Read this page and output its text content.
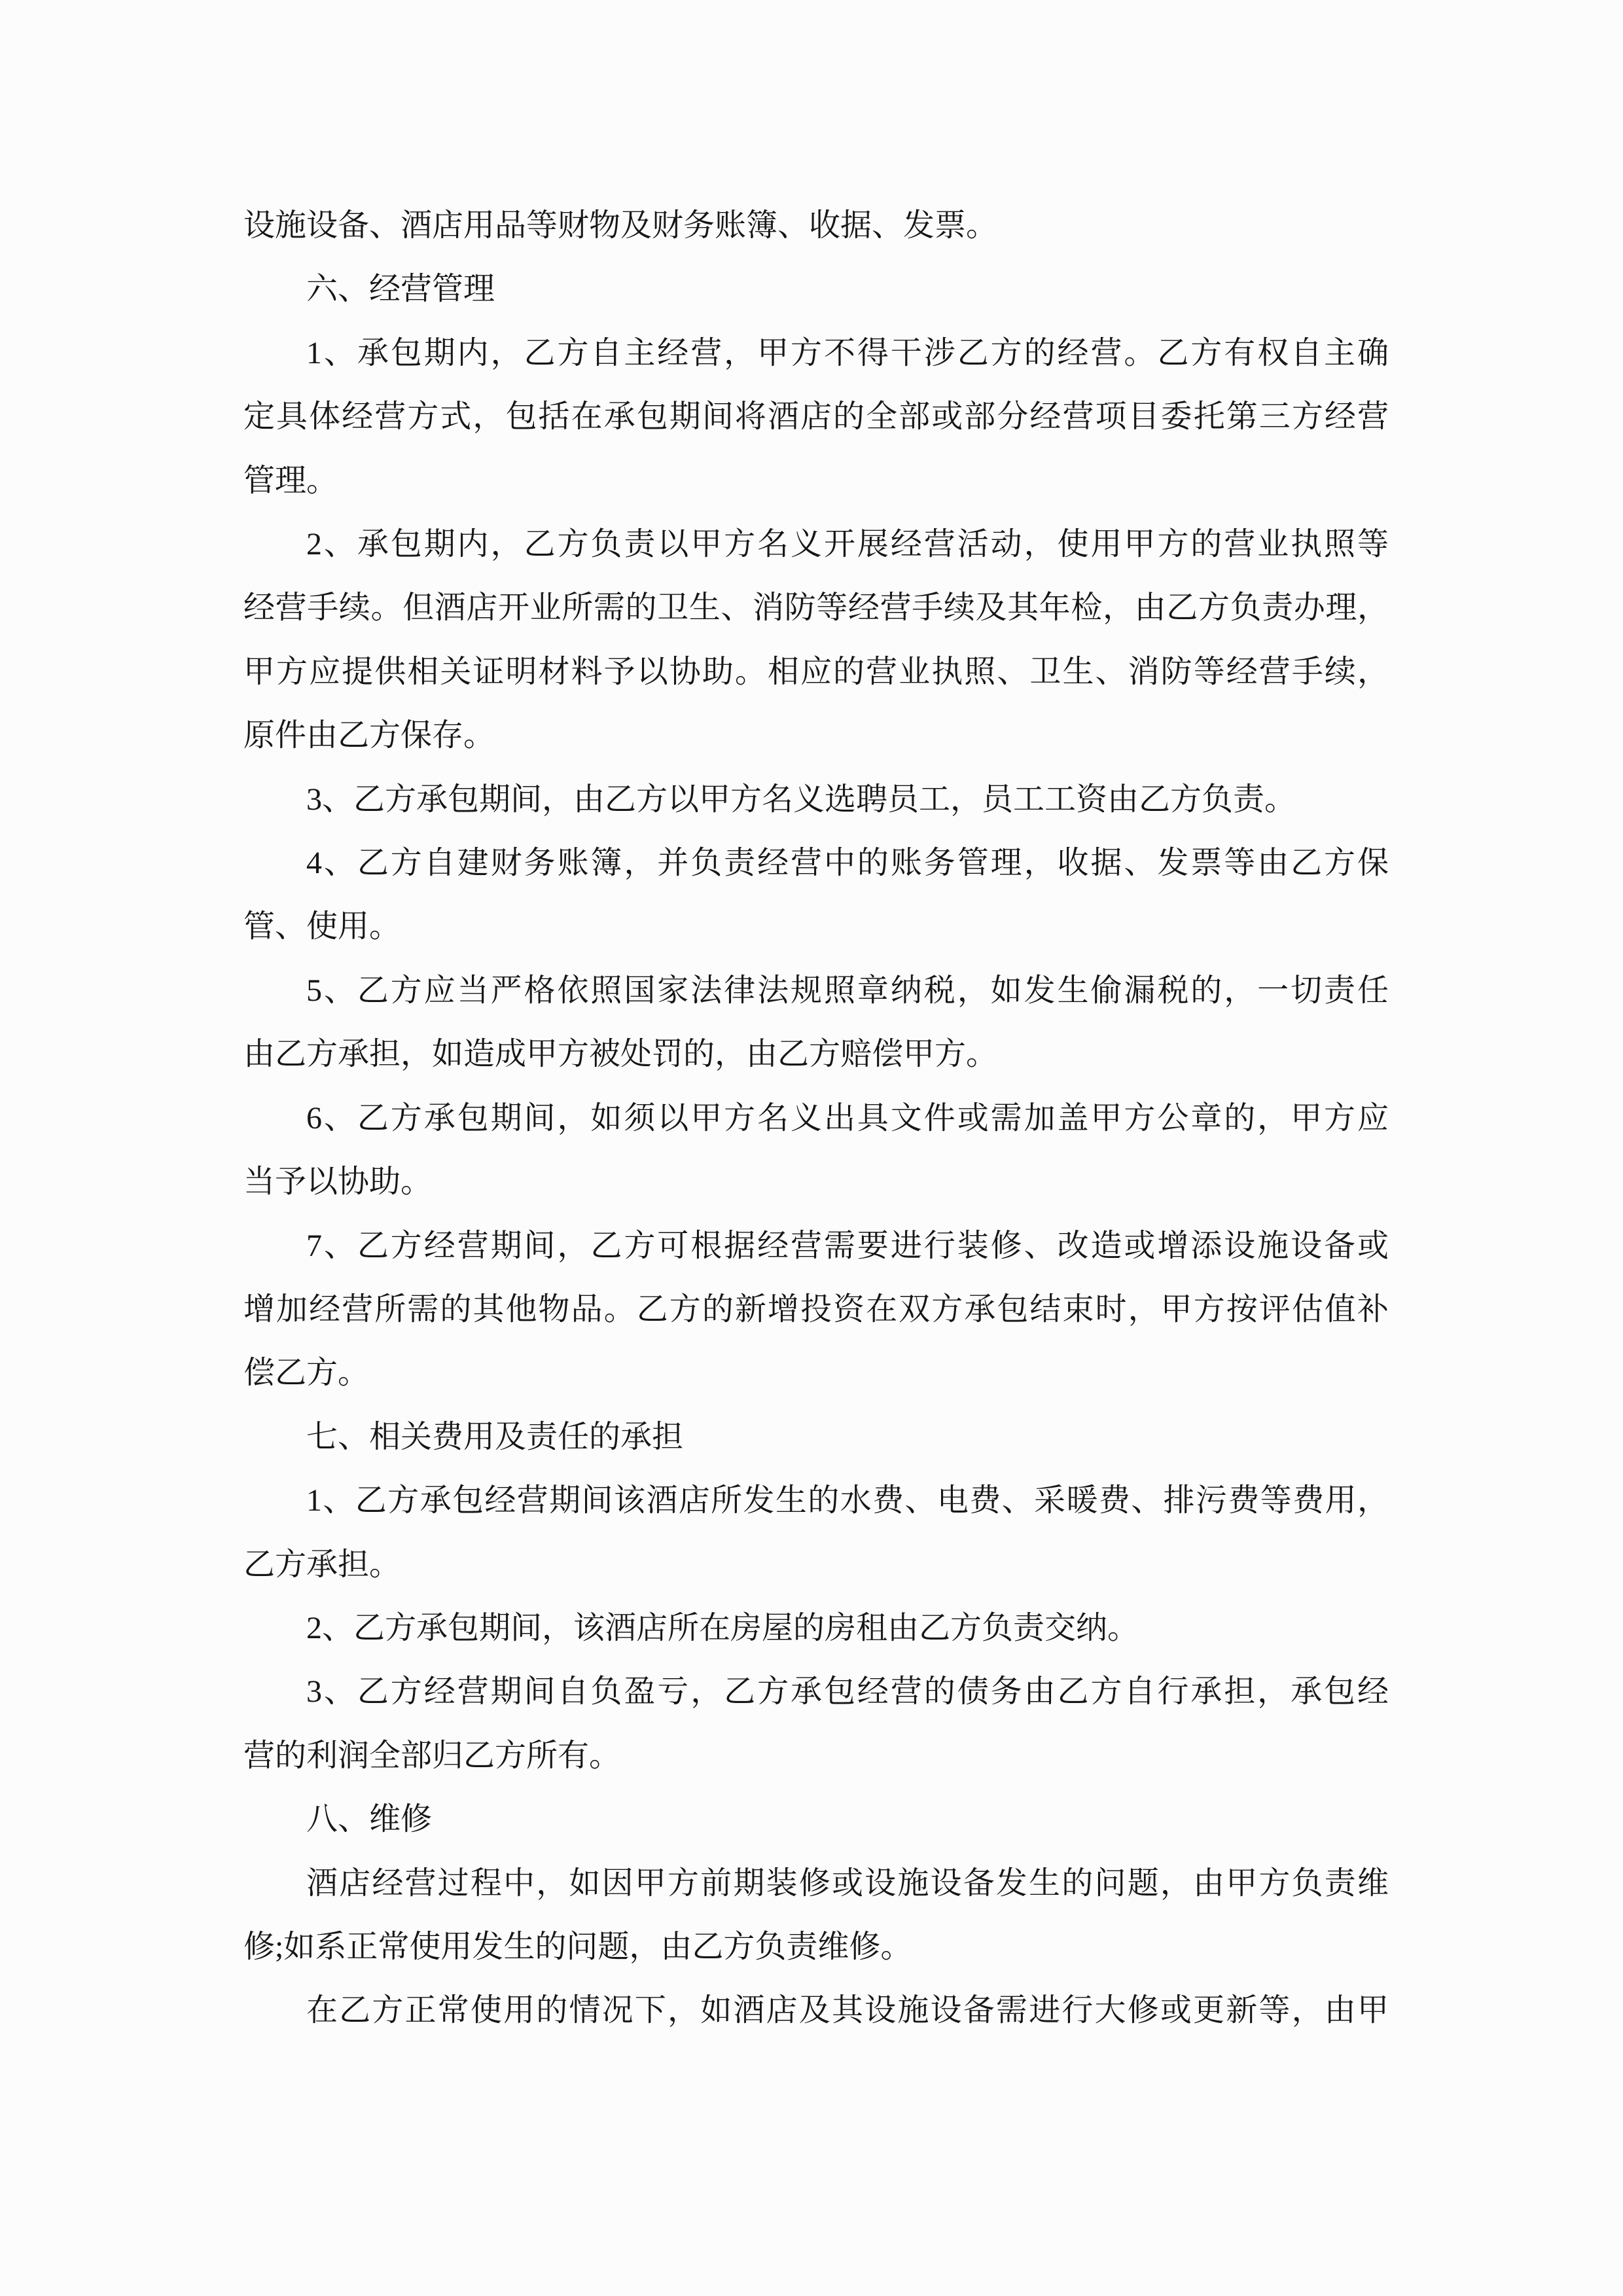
设施设备、酒店用品等财物及财务账簿、收据、发票。
六、经营管理
1、承包期内，乙方自主经营，甲方不得干涉乙方的经营。乙方有权自主确
定具体经营方式，包括在承包期间将酒店的全部或部分经营项目委托第三方经营
管理。
2、承包期内，乙方负责以甲方名义开展经营活动，使用甲方的营业执照等
经营手续。但酒店开业所需的卫生、消防等经营手续及其年检，由乙方负责办理，
甲方应提供相关证明材料予以协助。相应的营业执照、卫生、消防等经营手续，
原件由乙方保存。
3、乙方承包期间，由乙方以甲方名义选聘员工，员工工资由乙方负责。
4、乙方自建财务账簿，并负责经营中的账务管理，收据、发票等由乙方保
管、使用。
5、乙方应当严格依照国家法律法规照章纳税，如发生偷漏税的，一切责任
由乙方承担，如造成甲方被处罚的，由乙方赔偿甲方。
6、乙方承包期间，如须以甲方名义出具文件或需加盖甲方公章的，甲方应
当予以协助。
7、乙方经营期间，乙方可根据经营需要进行装修、改造或增添设施设备或
增加经营所需的其他物品。乙方的新增投资在双方承包结束时，甲方按评估值补
偿乙方。
七、相关费用及责任的承担
1、乙方承包经营期间该酒店所发生的水费、电费、采暖费、排污费等费用，
乙方承担。
2、乙方承包期间，该酒店所在房屋的房租由乙方负责交纳。
3、乙方经营期间自负盈亏，乙方承包经营的债务由乙方自行承担，承包经
营的利润全部归乙方所有。
八、维修
酒店经营过程中，如因甲方前期装修或设施设备发生的问题，由甲方负责维
修;如系正常使用发生的问题，由乙方负责维修。
在乙方正常使用的情况下，如酒店及其设施设备需进行大修或更新等，由甲
